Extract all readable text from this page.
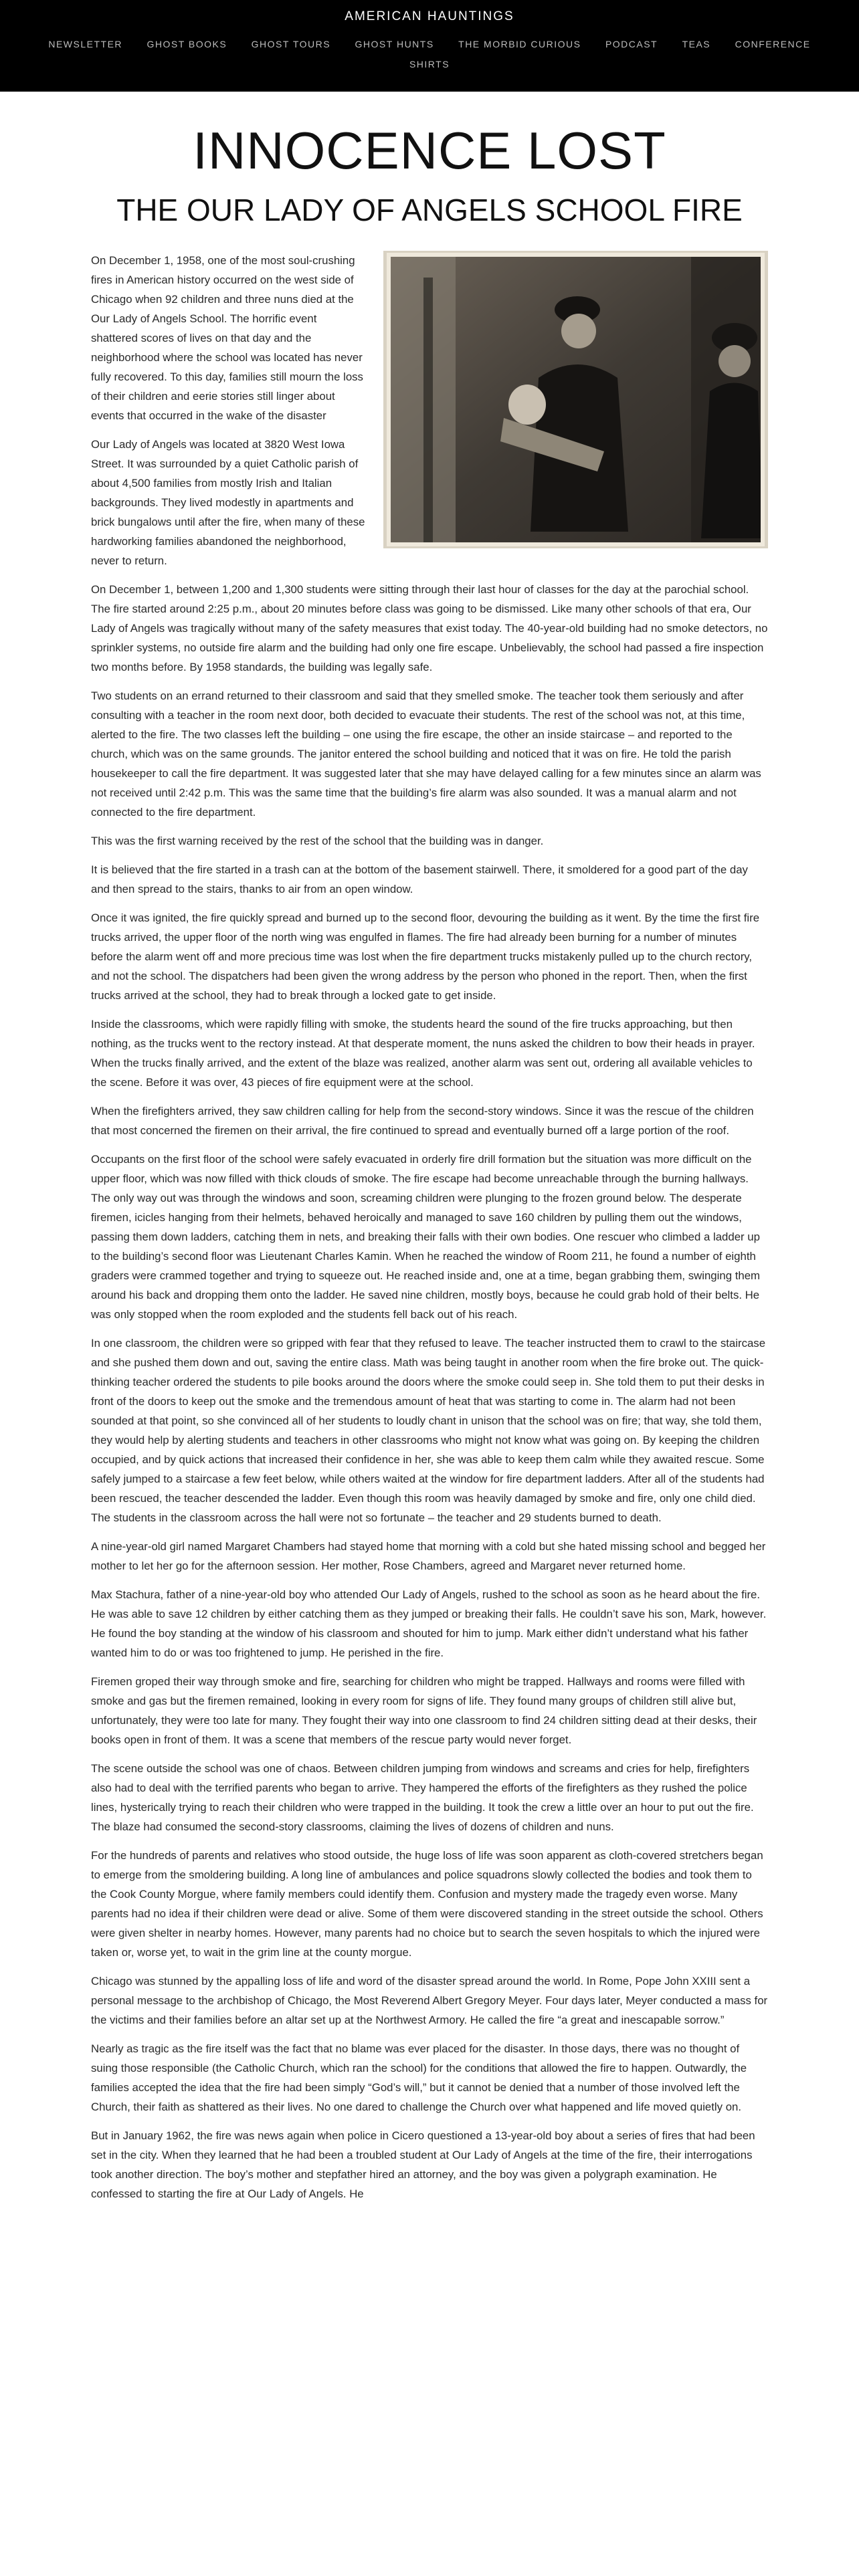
AMERICAN HAUNTINGS
NEWSLETTER	GHOST BOOKS	GHOST TOURS	GHOST HUNTS	THE MORBID CURIOUS	PODCAST	TEAS	CONFERENCE
SHIRTS
INNOCENCE LOST
THE OUR LADY OF ANGELS SCHOOL FIRE

On December 1, 1958, one of the most soul-crushing fires in American history occurred on the west side of Chicago when 92 children and three nuns died at the Our Lady of Angels School. The horrific event shattered scores of lives on that day and the neighborhood where the school was located has never fully recovered. To this day, families still mourn the loss of their children and eerie stories still linger about events that occurred in the wake of the disaster

Our Lady of Angels was located at 3820 West Iowa Street. It was surrounded by a quiet Catholic parish of about 4,500 families from mostly Irish and Italian backgrounds. They lived modestly in apartments and brick bungalows until after the fire, when many of these hardworking families abandoned the neighborhood, never to return.

On December 1, between 1,200 and 1,300 students were sitting through their last hour of classes for the day at the parochial school. The fire started around 2:25 p.m., about 20 minutes before class was going to be dismissed. Like many other schools of that era, Our Lady of Angels was tragically without many of the safety measures that exist today. The 40-year-old building had no smoke detectors, no sprinkler systems, no outside fire alarm and the building had only one fire escape. Unbelievably, the school had passed a fire inspection two months before. By 1958 standards, the building was legally safe.

Two students on an errand returned to their classroom and said that they smelled smoke. The teacher took them seriously and after consulting with a teacher in the room next door, both decided to evacuate their students. The rest of the school was not, at this time, alerted to the fire. The two classes left the building – one using the fire escape, the other an inside staircase – and reported to the church, which was on the same grounds. The janitor entered the school building and noticed that it was on fire. He told the parish housekeeper to call the fire department. It was suggested later that she may have delayed calling for a few minutes since an alarm was not received until 2:42 p.m. This was the same time that the building’s fire alarm was also sounded. It was a manual alarm and not connected to the fire department.

This was the first warning received by the rest of the school that the building was in danger.

It is believed that the fire started in a trash can at the bottom of the basement stairwell. There, it smoldered for a good part of the day and then spread to the stairs, thanks to air from an open window.

Once it was ignited, the fire quickly spread and burned up to the second floor, devouring the building as it went. By the time the first fire trucks arrived, the upper floor of the north wing was engulfed in flames. The fire had already been burning for a number of minutes before the alarm went off and more precious time was lost when the fire department trucks mistakenly pulled up to the church rectory, and not the school. The dispatchers had been given the wrong address by the person who phoned in the report. Then, when the first trucks arrived at the school, they had to break through a locked gate to get inside.

Inside the classrooms, which were rapidly filling with smoke, the students heard the sound of the fire trucks approaching, but then nothing, as the trucks went to the rectory instead. At that desperate moment, the nuns asked the children to bow their heads in prayer. When the trucks finally arrived, and the extent of the blaze was realized, another alarm was sent out, ordering all available vehicles to the scene. Before it was over, 43 pieces of fire equipment were at the school.

When the firefighters arrived, they saw children calling for help from the second-story windows. Since it was the rescue of the children that most concerned the firemen on their arrival, the fire continued to spread and eventually burned off a large portion of the roof.

Occupants on the first floor of the school were safely evacuated in orderly fire drill formation but the situation was more difficult on the upper floor, which was now filled with thick clouds of smoke. The fire escape had become unreachable through the burning hallways. The only way out was through the windows and soon, screaming children were plunging to the frozen ground below. The desperate firemen, icicles hanging from their helmets, behaved heroically and managed to save 160 children by pulling them out the windows, passing them down ladders, catching them in nets, and breaking their falls with their own bodies. One rescuer who climbed a ladder up to the building’s second floor was Lieutenant Charles Kamin. When he reached the window of Room 211, he found a number of eighth graders were crammed together and trying to squeeze out. He reached inside and, one at a time, began grabbing them, swinging them around his back and dropping them onto the ladder. He saved nine children, mostly boys, because he could grab hold of their belts. He was only stopped when the room exploded and the students fell back out of his reach.

In one classroom, the children were so gripped with fear that they refused to leave. The teacher instructed them to crawl to the staircase and she pushed them down and out, saving the entire class. Math was being taught in another room when the fire broke out. The quick-thinking teacher ordered the students to pile books around the doors where the smoke could seep in. She told them to put their desks in front of the doors to keep out the smoke and the tremendous amount of heat that was starting to come in. The alarm had not been sounded at that point, so she convinced all of her students to loudly chant in unison that the school was on fire; that way, she told them, they would help by alerting students and teachers in other classrooms who might not know what was going on. By keeping the children occupied, and by quick actions that increased their confidence in her, she was able to keep them calm while they awaited rescue. Some safely jumped to a staircase a few feet below, while others waited at the window for fire department ladders. After all of the students had been rescued, the teacher descended the ladder. Even though this room was heavily damaged by smoke and fire, only one child died. The students in the classroom across the hall were not so fortunate – the teacher and 29 students burned to death.

A nine-year-old girl named Margaret Chambers had stayed home that morning with a cold but she hated missing school and begged her mother to let her go for the afternoon session. Her mother, Rose Chambers, agreed and Margaret never returned home.

Max Stachura, father of a nine-year-old boy who attended Our Lady of Angels, rushed to the school as soon as he heard about the fire. He was able to save 12 children by either catching them as they jumped or breaking their falls. He couldn’t save his son, Mark, however. He found the boy standing at the window of his classroom and shouted for him to jump. Mark either didn’t understand what his father wanted him to do or was too frightened to jump. He perished in the fire.

Firemen groped their way through smoke and fire, searching for children who might be trapped. Hallways and rooms were filled with smoke and gas but the firemen remained, looking in every room for signs of life. They found many groups of children still alive but, unfortunately, they were too late for many. They fought their way into one classroom to find 24 children sitting dead at their desks, their books open in front of them. It was a scene that members of the rescue party would never forget.

The scene outside the school was one of chaos. Between children jumping from windows and screams and cries for help, firefighters also had to deal with the terrified parents who began to arrive. They hampered the efforts of the firefighters as they rushed the police lines, hysterically trying to reach their children who were trapped in the building. It took the crew a little over an hour to put out the fire. The blaze had consumed the second-story classrooms, claiming the lives of dozens of children and nuns.

For the hundreds of parents and relatives who stood outside, the huge loss of life was soon apparent as cloth-covered stretchers began to emerge from the smoldering building. A long line of ambulances and police squadrons slowly collected the bodies and took them to the Cook County Morgue, where family members could identify them. Confusion and mystery made the tragedy even worse. Many parents had no idea if their children were dead or alive. Some of them were discovered standing in the street outside the school. Others were given shelter in nearby homes. However, many parents had no choice but to search the seven hospitals to which the injured were taken or, worse yet, to wait in the grim line at the county morgue.

Chicago was stunned by the appalling loss of life and word of the disaster spread around the world. In Rome, Pope John XXIII sent a personal message to the archbishop of Chicago, the Most Reverend Albert Gregory Meyer. Four days later, Meyer conducted a mass for the victims and their families before an altar set up at the Northwest Armory. He called the fire “a great and inescapable sorrow.”

Nearly as tragic as the fire itself was the fact that no blame was ever placed for the disaster. In those days, there was no thought of suing those responsible (the Catholic Church, which ran the school) for the conditions that allowed the fire to happen. Outwardly, the families accepted the idea that the fire had been simply “God’s will,” but it cannot be denied that a number of those involved left the Church, their faith as shattered as their lives. No one dared to challenge the Church over what happened and life moved quietly on.

But in January 1962, the fire was news again when police in Cicero questioned a 13-year-old boy about a series of fires that had been set in the city. When they learned that he had been a troubled student at Our Lady of Angels at the time of the fire, their interrogations took another direction. The boy’s mother and stepfather hired an attorney, and the boy was given a polygraph examination. He confessed to starting the fire at Our Lady of Angels. He
